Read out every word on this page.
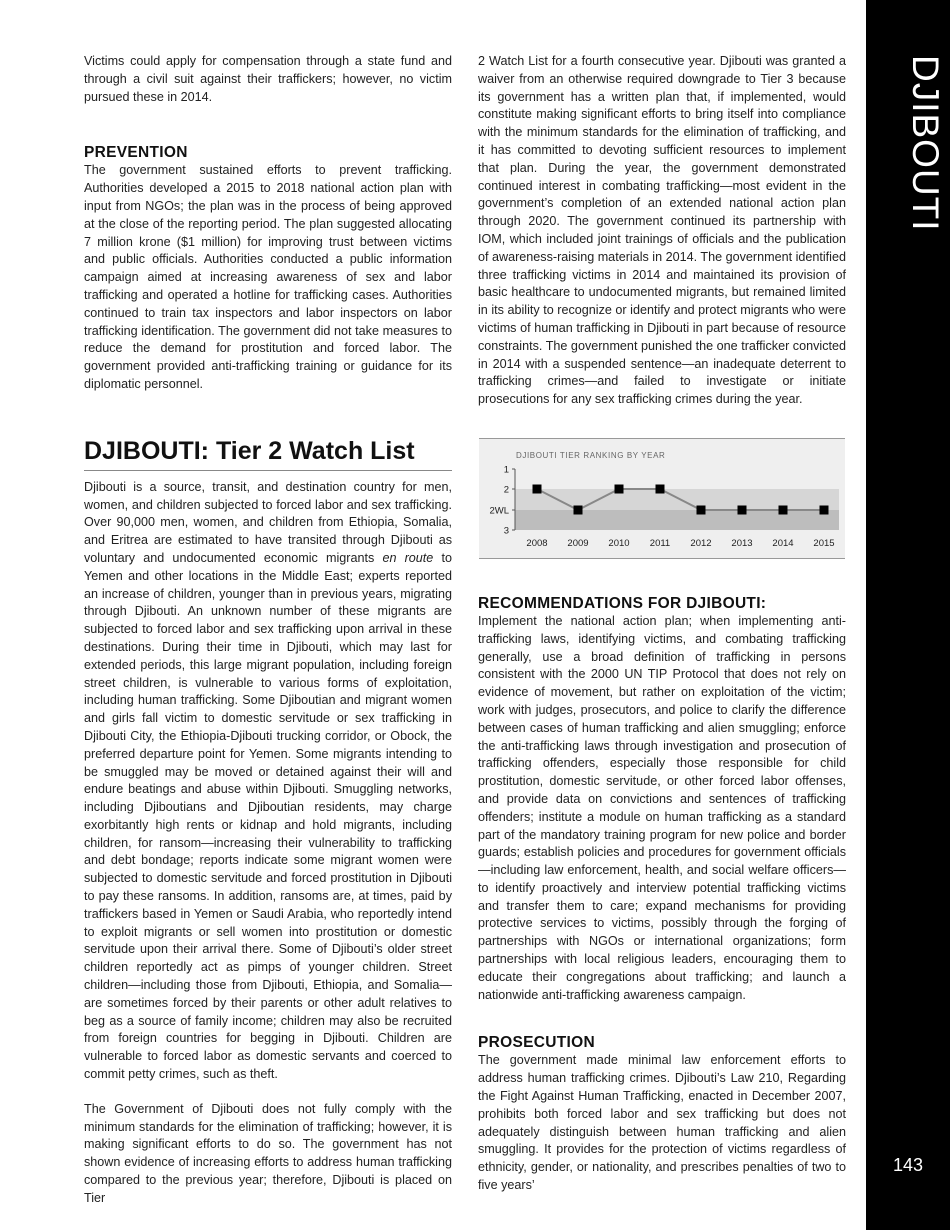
DJIBOUTI
143

Victims could apply for compensation through a state fund and through a civil suit against their traffickers; however, no victim pursued these in 2014.

PREVENTION

The government sustained efforts to prevent trafficking. Authorities developed a 2015 to 2018 national action plan with input from NGOs; the plan was in the process of being approved at the close of the reporting period. The plan suggested allocating 7 million krone ($1 million) for improving trust between victims and public officials. Authorities conducted a public information campaign aimed at increasing awareness of sex and labor trafficking and operated a hotline for trafficking cases. Authorities continued to train tax inspectors and labor inspectors on labor trafficking identification. The government did not take measures to reduce the demand for prostitution and forced labor. The government provided anti-trafficking training or guidance for its diplomatic personnel.

DJIBOUTI: Tier 2 Watch List

Djibouti is a source, transit, and destination country for men, women, and children subjected to forced labor and sex trafficking. Over 90,000 men, women, and children from Ethiopia, Somalia, and Eritrea are estimated to have transited through Djibouti as voluntary and undocumented economic migrants en route to Yemen and other locations in the Middle East; experts reported an increase of children, younger than in previous years, migrating through Djibouti. An unknown number of these migrants are subjected to forced labor and sex trafficking upon arrival in these destinations. During their time in Djibouti, which may last for extended periods, this large migrant population, including foreign street children, is vulnerable to various forms of exploitation, including human trafficking. Some Djiboutian and migrant women and girls fall victim to domestic servitude or sex trafficking in Djibouti City, the Ethiopia-Djibouti trucking corridor, or Obock, the preferred departure point for Yemen. Some migrants intending to be smuggled may be moved or detained against their will and endure beatings and abuse within Djibouti. Smuggling networks, including Djiboutians and Djiboutian residents, may charge exorbitantly high rents or kidnap and hold migrants, including children, for ransom—increasing their vulnerability to trafficking and debt bondage; reports indicate some migrant women were subjected to domestic servitude and forced prostitution in Djibouti to pay these ransoms. In addition, ransoms are, at times, paid by traffickers based in Yemen or Saudi Arabia, who reportedly intend to exploit migrants or sell women into prostitution or domestic servitude upon their arrival there. Some of Djibouti’s older street children reportedly act as pimps of younger children. Street children—including those from Djibouti, Ethiopia, and Somalia—are sometimes forced by their parents or other adult relatives to beg as a source of family income; children may also be recruited from foreign countries for begging in Djibouti. Children are vulnerable to forced labor as domestic servants and coerced to commit petty crimes, such as theft.

The Government of Djibouti does not fully comply with the minimum standards for the elimination of trafficking; however, it is making significant efforts to do so. The government has not shown evidence of increasing efforts to address human trafficking compared to the previous year; therefore, Djibouti is placed on Tier

2 Watch List for a fourth consecutive year. Djibouti was granted a waiver from an otherwise required downgrade to Tier 3 because its government has a written plan that, if implemented, would constitute making significant efforts to bring itself into compliance with the minimum standards for the elimination of trafficking, and it has committed to devoting sufficient resources to implement that plan. During the year, the government demonstrated continued interest in combating trafficking—most evident in the government’s completion of an extended national action plan through 2020. The government continued its partnership with IOM, which included joint trainings of officials and the publication of awareness-raising materials in 2014. The government identified three trafficking victims in 2014 and maintained its provision of basic healthcare to undocumented migrants, but remained limited in its ability to recognize or identify and protect migrants who were victims of human trafficking in Djibouti in part because of resource constraints. The government punished the one trafficker convicted in 2014 with a suspended sentence—an inadequate deterrent to trafficking crimes—and failed to investigate or initiate prosecutions for any sex trafficking crimes during the year.

RECOMMENDATIONS FOR DJIBOUTI:

Implement the national action plan; when implementing anti-trafficking laws, identifying victims, and combating trafficking generally, use a broad definition of trafficking in persons consistent with the 2000 UN TIP Protocol that does not rely on evidence of movement, but rather on exploitation of the victim; work with judges, prosecutors, and police to clarify the difference between cases of human trafficking and alien smuggling; enforce the anti-trafficking laws through investigation and prosecution of trafficking offenders, especially those responsible for child prostitution, domestic servitude, or other forced labor offenses, and provide data on convictions and sentences of trafficking offenders; institute a module on human trafficking as a standard part of the mandatory training program for new police and border guards; establish policies and procedures for government officials—including law enforcement, health, and social welfare officers—to identify proactively and interview potential trafficking victims and transfer them to care; expand mechanisms for providing protective services to victims, possibly through the forging of partnerships with NGOs or international organizations; form partnerships with local religious leaders, encouraging them to educate their congregations about trafficking; and launch a nationwide anti-trafficking awareness campaign.

PROSECUTION

The government made minimal law enforcement efforts to address human trafficking crimes. Djibouti’s Law 210, Regarding the Fight Against Human Trafficking, enacted in December 2007, prohibits both forced labor and sex trafficking but does not adequately distinguish between human trafficking and alien smuggling. It provides for the protection of victims regardless of ethnicity, gender, or nationality, and prescribes penalties of two to five years’

DJIBOUTI TIER RANKING BY YEAR
1
2
2WL
3
2008 2009 2010 2011 2012 2013 2014 2015
